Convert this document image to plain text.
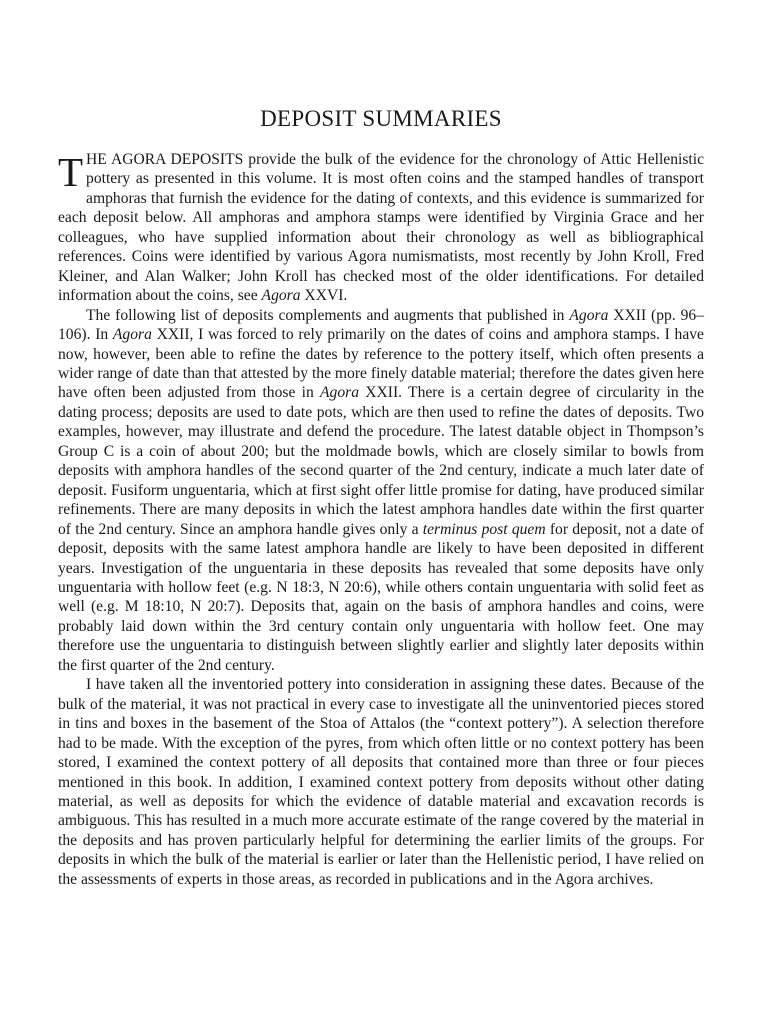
DEPOSIT SUMMARIES

THE AGORA DEPOSITS provide the bulk of the evidence for the chronology of Attic Hellenistic pottery as presented in this volume. It is most often coins and the stamped handles of transport amphoras that furnish the evidence for the dating of contexts, and this evidence is summarized for each deposit below. All amphoras and amphora stamps were identified by Virginia Grace and her colleagues, who have supplied information about their chronology as well as bibliographical references. Coins were identified by various Agora numismatists, most recently by John Kroll, Fred Kleiner, and Alan Walker; John Kroll has checked most of the older identifications. For detailed information about the coins, see Agora XXVI.

The following list of deposits complements and augments that published in Agora XXII (pp. 96–106). In Agora XXII, I was forced to rely primarily on the dates of coins and amphora stamps. I have now, however, been able to refine the dates by reference to the pottery itself, which often presents a wider range of date than that attested by the more finely datable material; therefore the dates given here have often been adjusted from those in Agora XXII. There is a certain degree of circularity in the dating process; deposits are used to date pots, which are then used to refine the dates of deposits. Two examples, however, may illustrate and defend the procedure. The latest datable object in Thompson’s Group C is a coin of about 200; but the moldmade bowls, which are closely similar to bowls from deposits with amphora handles of the second quarter of the 2nd century, indicate a much later date of deposit. Fusiform unguentaria, which at first sight offer little promise for dating, have produced similar refinements. There are many deposits in which the latest amphora handles date within the first quarter of the 2nd century. Since an amphora handle gives only a terminus post quem for deposit, not a date of deposit, deposits with the same latest amphora handle are likely to have been deposited in different years. Investigation of the unguentaria in these deposits has revealed that some deposits have only unguentaria with hollow feet (e.g. N 18:3, N 20:6), while others contain unguentaria with solid feet as well (e.g. M 18:10, N 20:7). Deposits that, again on the basis of amphora handles and coins, were probably laid down within the 3rd century contain only unguentaria with hollow feet. One may therefore use the unguentaria to distinguish between slightly earlier and slightly later deposits within the first quarter of the 2nd century.

I have taken all the inventoried pottery into consideration in assigning these dates. Because of the bulk of the material, it was not practical in every case to investigate all the uninventoried pieces stored in tins and boxes in the basement of the Stoa of Attalos (the “context pottery”). A selection therefore had to be made. With the exception of the pyres, from which often little or no context pottery has been stored, I examined the context pottery of all deposits that contained more than three or four pieces mentioned in this book. In addition, I examined context pottery from deposits without other dating material, as well as deposits for which the evidence of datable material and excavation records is ambiguous. This has resulted in a much more accurate estimate of the range covered by the material in the deposits and has proven particularly helpful for determining the earlier limits of the groups. For deposits in which the bulk of the material is earlier or later than the Hellenistic period, I have relied on the assessments of experts in those areas, as recorded in publications and in the Agora archives.
